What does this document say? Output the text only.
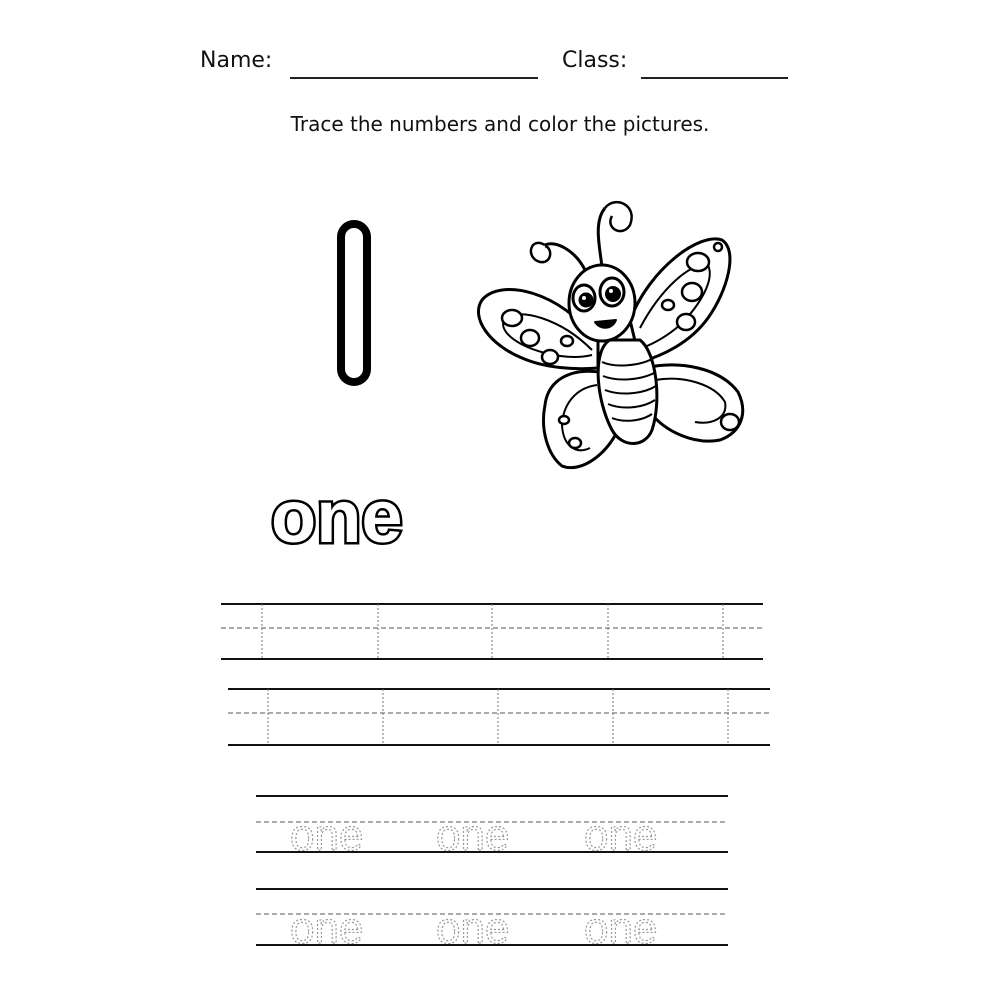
Name:	Class:
Trace the numbers and color the pictures.
one
one one one
one one one
